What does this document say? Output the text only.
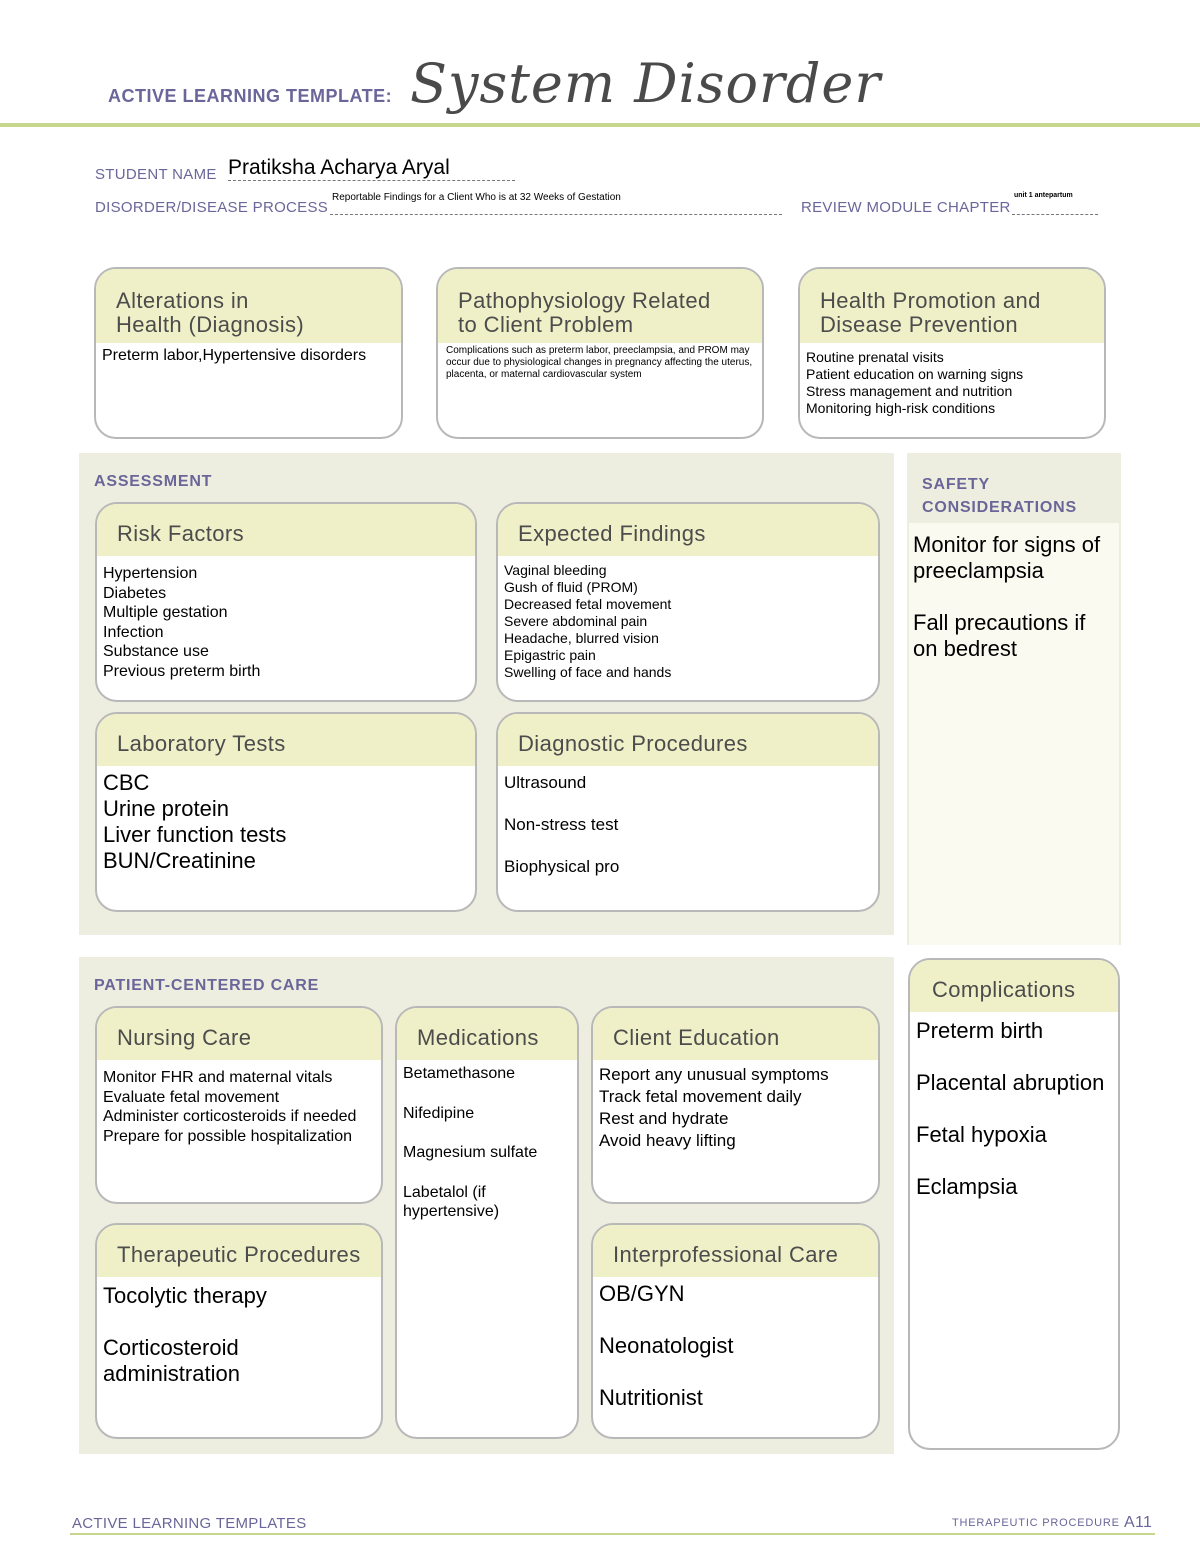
ACTIVE LEARNING TEMPLATE: System Disorder
STUDENT NAME Pratiksha Acharya Aryal
DISORDER/DISEASE PROCESS
Reportable Findings for a Client Who is at 32 Weeks of Gestation
REVIEW MODULE CHAPTER
unit 1 antepartum
Alterations in
Health (Diagnosis)
Preterm labor,Hypertensive disorders
Pathophysiology Related
to Client Problem
Complications such as preterm labor, preeclampsia, and PROM may occur due to physiological changes in pregnancy affecting the uterus, placenta, or maternal cardiovascular system
Health Promotion and
Disease Prevention
Routine prenatal visits
Patient education on warning signs
Stress management and nutrition
Monitoring high-risk conditions
ASSESSMENT
Risk Factors
Hypertension
Diabetes
Multiple gestation
Infection
Substance use
Previous preterm birth
Expected Findings
Vaginal bleeding
Gush of fluid (PROM)
Decreased fetal movement
Severe abdominal pain
Headache, blurred vision
Epigastric pain
Swelling of face and hands
Laboratory Tests
CBC
Urine protein
Liver function tests
BUN/Creatinine
Diagnostic Procedures
Ultrasound
Non-stress test
Biophysical pro
SAFETY
CONSIDERATIONS
Monitor for signs of preeclampsia
Fall precautions if on bedrest
PATIENT-CENTERED CARE
Nursing Care
Monitor FHR and maternal vitals
Evaluate fetal movement
Administer corticosteroids if needed
Prepare for possible hospitalization
Medications
Betamethasone
Nifedipine
Magnesium sulfate
Labetalol (if hypertensive)
Client Education
Report any unusual symptoms
Track fetal movement daily
Rest and hydrate
Avoid heavy lifting
Therapeutic Procedures
Tocolytic therapy
Corticosteroid administration
Interprofessional Care
OB/GYN
Neonatologist
Nutritionist
Complications
Preterm birth
Placental abruption
Fetal hypoxia
Eclampsia
ACTIVE LEARNING TEMPLATES	THERAPEUTIC PROCEDURE A11
